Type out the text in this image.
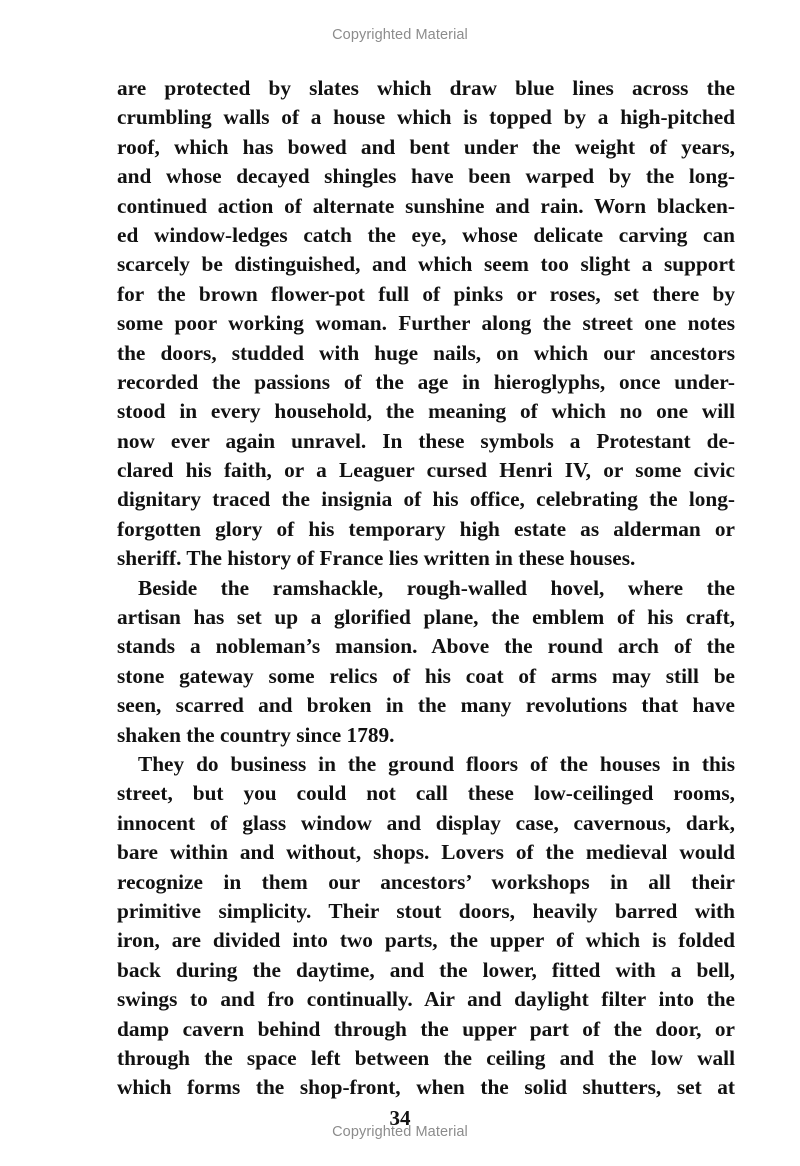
Copyrighted Material
are protected by slates which draw blue lines across the
crumbling walls of a house which is topped by a high-pitched
roof, which has bowed and bent under the weight of years,
and whose decayed shingles have been warped by the long-
continued action of alternate sunshine and rain. Worn blacken-
ed window-ledges catch the eye, whose delicate carving can
scarcely be distinguished, and which seem too slight a support
for the brown flower-pot full of pinks or roses, set there by
some poor working woman. Further along the street one notes
the doors, studded with huge nails, on which our ancestors
recorded the passions of the age in hieroglyphs, once under-
stood in every household, the meaning of which no one will
now ever again unravel. In these symbols a Protestant de-
clared his faith, or a Leaguer cursed Henri IV, or some civic
dignitary traced the insignia of his office, celebrating the long-
forgotten glory of his temporary high estate as alderman or
sheriff. The history of France lies written in these houses.
Beside the ramshackle, rough-walled hovel, where the
artisan has set up a glorified plane, the emblem of his craft,
stands a nobleman’s mansion. Above the round arch of the
stone gateway some relics of his coat of arms may still be
seen, scarred and broken in the many revolutions that have
shaken the country since 1789.
They do business in the ground floors of the houses in this
street, but you could not call these low-ceilinged rooms,
innocent of glass window and display case, cavernous, dark,
bare within and without, shops. Lovers of the medieval would
recognize in them our ancestors’ workshops in all their
primitive simplicity. Their stout doors, heavily barred with
iron, are divided into two parts, the upper of which is folded
back during the daytime, and the lower, fitted with a bell,
swings to and fro continually. Air and daylight filter into the
damp cavern behind through the upper part of the door, or
through the space left between the ceiling and the low wall
which forms the shop-front, when the solid shutters, set at
34
Copyrighted Material
